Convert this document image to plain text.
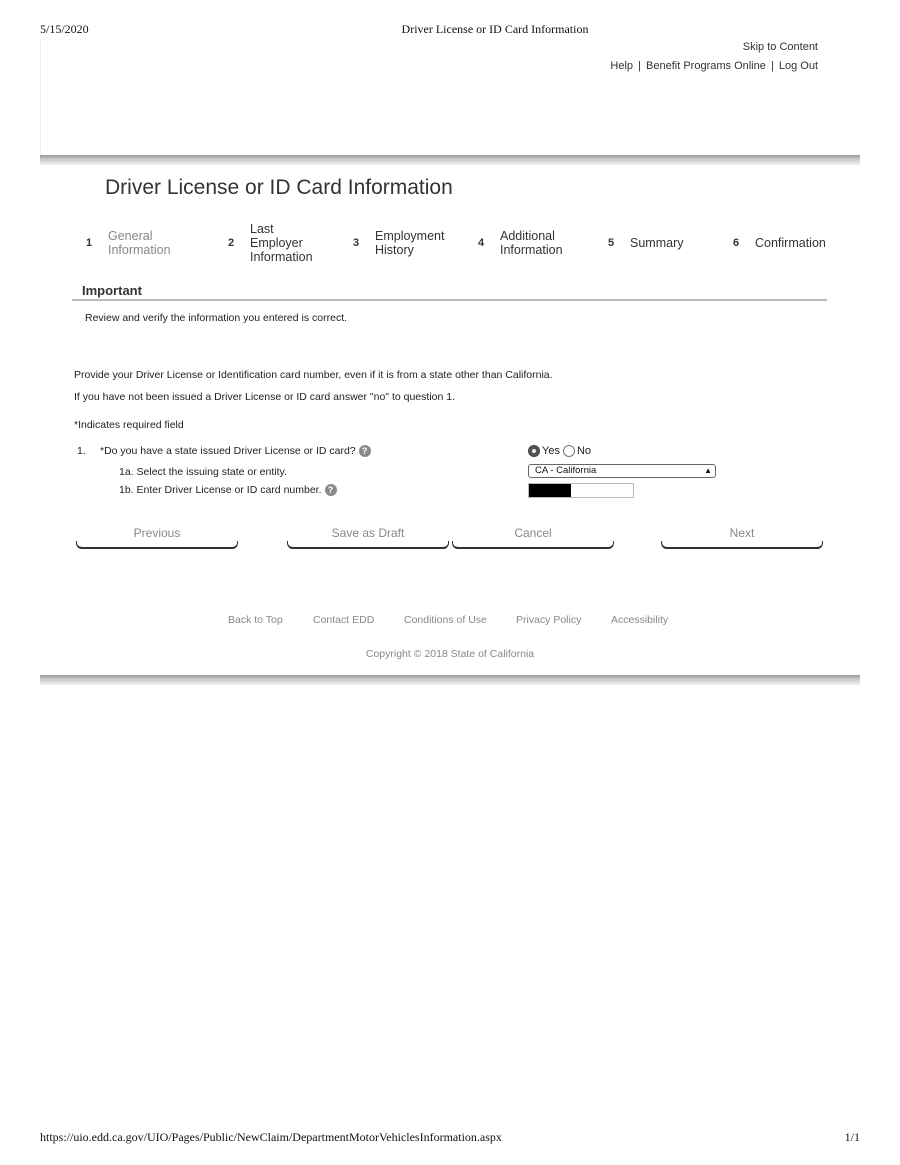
5/15/2020	Driver License or ID Card Information
Skip to Content
Help | Benefit Programs Online | Log Out
Driver License or ID Card Information
1	General Information	2
Last Employer Information
3	Employment History	4	Additional Information	5	Summary	6	Confirmation
Important
Review and verify the information you entered is correct.
Provide your Driver License or Identification card number, even if it is from a state other than California.
If you have not been issued a Driver License or ID card answer "no" to question 1.
*Indicates required field
1.	*Do you have a state issued Driver License or ID card? ?	Yes No
1a. Select the issuing state or entity.	CA - California	▲︎
1b. Enter Driver License or ID card number. ?
Previous	Save as Draft	Cancel	Next
Back to Top	Contact EDD	Conditions of Use	Privacy Policy	Accessibility
Copyright © 2018 State of California
https://uio.edd.ca.gov/UIO/Pages/Public/NewClaim/DepartmentMotorVehiclesInformation.aspx	1/1
